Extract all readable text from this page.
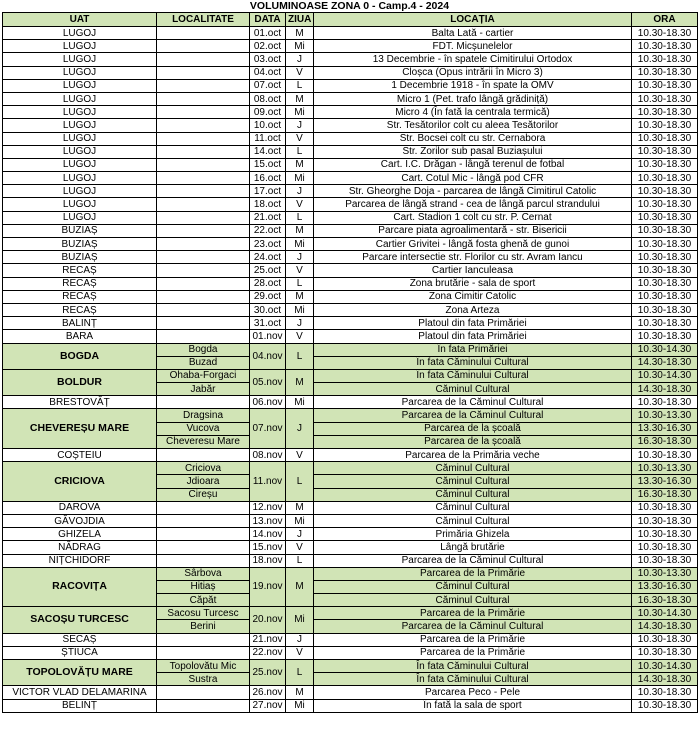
VOLUMINOASE ZONA 0 - Camp.4 - 2024
UAT	LOCALITATE	DATA	ZIUA	LOCAȚIA	ORA
LUGOJ		01.oct	M	Balta Lată - cartier	10.30-18.30
LUGOJ		02.oct	Mi	FDT. Micșunelelor	10.30-18.30
LUGOJ		03.oct	J	13 Decembrie - în spatele Cimitirului Ortodox	10.30-18.30
LUGOJ		04.oct	V	Cloșca (Opus intrării în Micro 3)	10.30-18.30
LUGOJ		07.oct	L	1 Decembrie 1918 - în spate la OMV	10.30-18.30
LUGOJ		08.oct	M	Micro 1 (Pet. trafo lângă grădiniță)	10.30-18.30
LUGOJ		09.oct	Mi	Micro 4 (În fată la centrala termică)	10.30-18.30
LUGOJ		10.oct	J	Str. Tesătorilor colt cu aleea Tesătorilor	10.30-18.30
LUGOJ		11.oct	V	Str. Bocsei colt cu str. Cernabora	10.30-18.30
LUGOJ		14.oct	L	Str. Zorilor sub pasal Buziașului	10.30-18.30
LUGOJ		15.oct	M	Cart. I.C. Drăgan - lângă terenul de fotbal	10.30-18.30
LUGOJ		16.oct	Mi	Cart. Cotul Mic - lângă pod CFR	10.30-18.30
LUGOJ		17.oct	J	Str. Gheorghe Doja - parcarea de lângă Cimitirul Catolic	10.30-18.30
LUGOJ		18.oct	V	Parcarea de lângă strand - cea de lângă parcul strandului	10.30-18.30
LUGOJ		21.oct	L	Cart. Stadion 1 colt cu str. P. Cernat	10.30-18.30
BUZIAȘ		22.oct	M	Parcare piata agroalimentară - str. Bisericii	10.30-18.30
BUZIAȘ		23.oct	Mi	Cartier Grivitei - lângă fosta ghenă de gunoi	10.30-18.30
BUZIAȘ		24.oct	J	Parcare intersectie str. Florilor cu str. Avram Iancu	10.30-18.30
RECAȘ		25.oct	V	Cartier Ianculeasa	10.30-18.30
RECAȘ		28.oct	L	Zona brutărie - sala de sport	10.30-18.30
RECAȘ		29.oct	M	Zona Cimitir Catolic	10.30-18.30
RECAȘ		30.oct	Mi	Zona Arteza	10.30-18.30
BALINȚ		31.oct	J	Platoul din fata Primăriei	10.30-18.30
BARA		01.nov	V	Platoul din fata Primăriei	10.30-18.30
BOGDA	Bogda	04.nov	L	În fata Primăriei	10.30-14.30
	Buzad			În fata Căminului Cultural	14.30-18.30
BOLDUR	Ohaba-Forgaci	05.nov	M	În fata Căminului Cultural	10.30-14.30
	Jabăr			Căminul Cultural	14.30-18.30
BRESTOVĂȚ		06.nov	Mi	Parcarea de la Căminul Cultural	10.30-18.30
CHEVEREȘU MARE	Dragsina	07.nov	J	Parcarea de la Căminul Cultural	10.30-13.30
	Vucova			Parcarea de la școală	13.30-16.30
	Cheveresu Mare			Parcarea de la școală	16.30-18.30
COȘTEIU		08.nov	V	Parcarea de la Primăria veche	10.30-18.30
CRICIOVA	Criciova	11.nov	L	Căminul Cultural	10.30-13.30
	Jdioara			Căminul Cultural	13.30-16.30
	Cireșu			Căminul Cultural	16.30-18.30
DAROVA		12.nov	M	Căminul Cultural	10.30-18.30
GĂVOJDIA		13.nov	Mi	Căminul Cultural	10.30-18.30
GHIZELA		14.nov	J	Primăria Ghizela	10.30-18.30
NĂDRAG		15.nov	V	Lângă brutărie	10.30-18.30
NIȚCHIDORF		18.nov	L	Parcarea de la Căminul Cultural	10.30-18.30
RACOVIȚA	Sârbova	19.nov	M	Parcarea de la Primărie	10.30-13.30
	Hitiaș			Căminul Cultural	13.30-16.30
	Căpăt			Căminul Cultural	16.30-18.30
SACOȘU TURCESC	Sacosu Turcesc	20.nov	Mi	Parcarea de la Primărie	10.30-14.30
	Berini			Parcarea de la Căminul Cultural	14.30-18.30
SECAȘ		21.nov	J	Parcarea de la Primărie	10.30-18.30
ȘTIUCA		22.nov	V	Parcarea de la Primărie	10.30-18.30
TOPOLOVĂȚU MARE	Topolovătu Mic	25.nov	L	În fata Căminului Cultural	10.30-14.30
	Sustra			În fata Căminului Cultural	14.30-18.30
VICTOR VLAD DELAMARINA		26.nov	M	Parcarea Peco - Pele	10.30-18.30
BELINȚ		27.nov	Mi	În fată la sala de sport	10.30-18.30
